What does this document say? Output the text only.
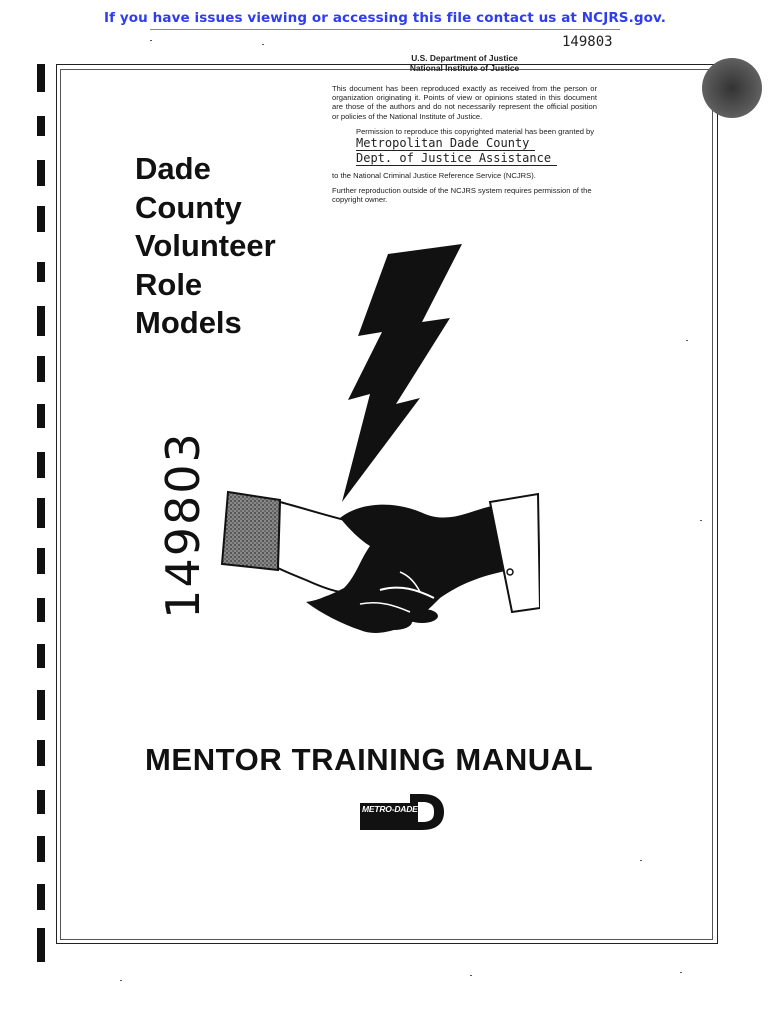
If you have issues viewing or accessing this file contact us at NCJRS.gov.
149803
U.S. Department of Justice
National Institute of Justice

This document has been reproduced exactly as received from the person or organization originating it. Points of view or opinions stated in this document are those of the authors and do not necessarily represent the official position or policies of the National Institute of Justice.

Permission to reproduce this copyrighted material has been granted by

Metropolitan Dade County
Dept. of Justice Assistance

to the National Criminal Justice Reference Service (NCJRS).

Further reproduction outside of the NCJRS system requires permission of the copyright owner.

Dade
County
Volunteer
Role
Models
149803
MENTOR TRAINING MANUAL
METRO-DADE
